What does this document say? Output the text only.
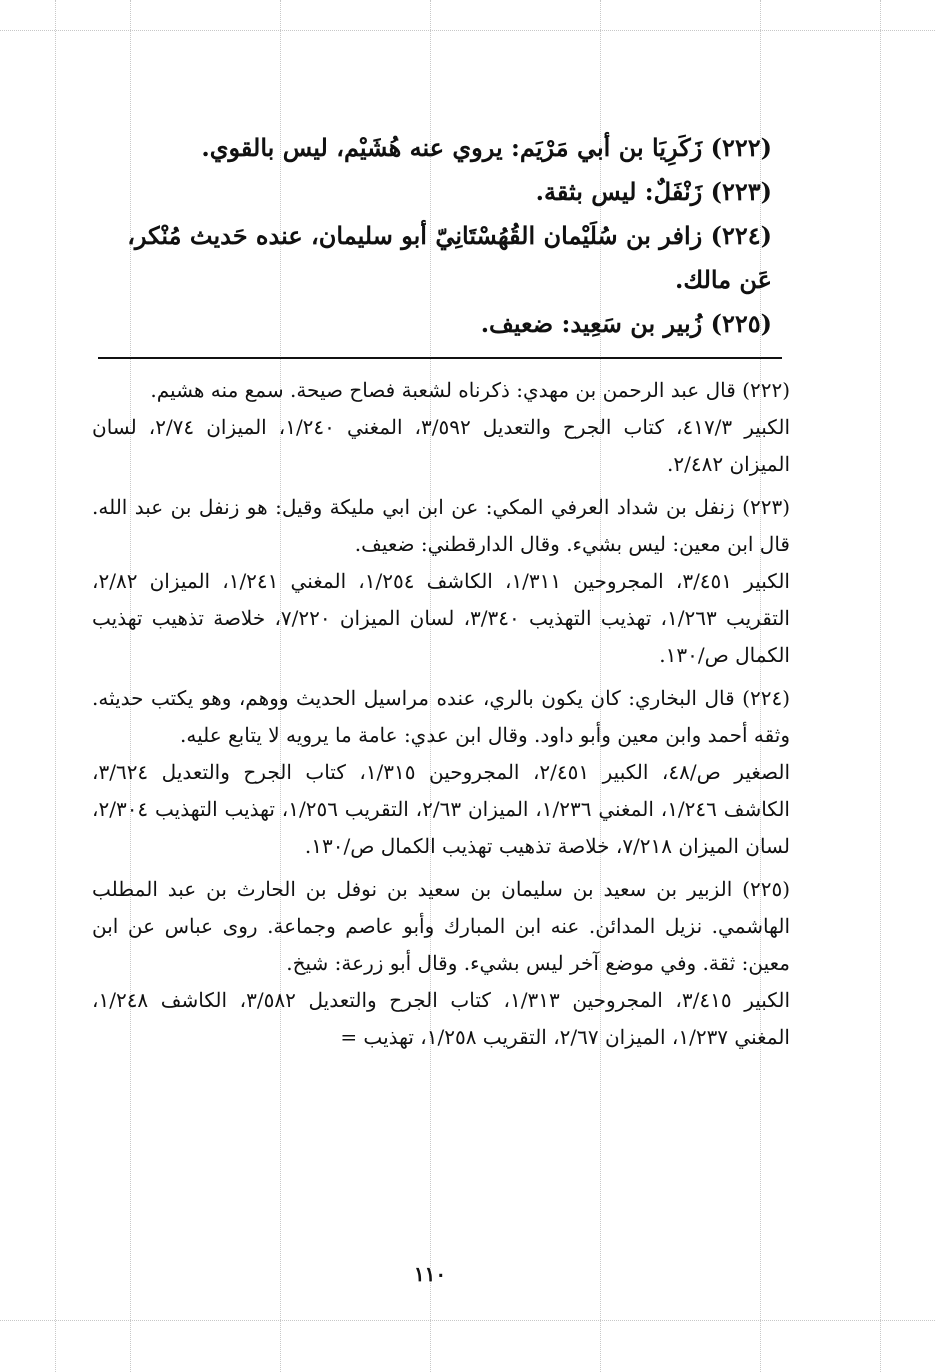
(٢٢٢) زَكَرِيَا بن أبي مَرْيَم: يروي عنه هُشَيْم، ليس بالقوي.

(٢٢٣) زَنْفَلٌ: ليس بثقة.

(٢٢٤) زافر بن سُلَيْمان القُهُسْتَانِيّ أبو سليمان، عنده حَديث مُنْكر، عَن مالك.

(٢٢٥) زُبير بن سَعِيد: ضعيف.

(٢٢٢) قال عبد الرحمن بن مهدي: ذكرناه لشعبة فصاح صيحة. سمع منه هشيم.

الكبير ٤١٧/٣، كتاب الجرح والتعديل ٣/٥٩٢، المغني ١/٢٤٠، الميزان ٢/٧٤، لسان الميزان ٢/٤٨٢.

(٢٢٣) زنفل بن شداد العرفي المكي: عن ابن ابي مليكة وقيل: هو زنفل بن عبد الله. قال ابن معين: ليس بشيء. وقال الدارقطني: ضعيف.

الكبير ٣/٤٥١، المجروحين ١/٣١١، الكاشف ١/٢٥٤، المغني ١/٢٤١، الميزان ٢/٨٢، التقريب ١/٢٦٣، تهذيب التهذيب ٣/٣٤٠، لسان الميزان ٧/٢٢٠، خلاصة تذهيب تهذيب الكمال ص/١٣٠.

(٢٢٤) قال البخاري: كان يكون بالري، عنده مراسيل الحديث ووهم، وهو يكتب حديثه. وثقه أحمد وابن معين وأبو داود. وقال ابن عدي: عامة ما يرويه لا يتابع عليه.

الصغير ص/٤٨، الكبير ٢/٤٥١، المجروحين ١/٣١٥، كتاب الجرح والتعديل ٣/٦٢٤، الكاشف ١/٢٤٦، المغني ١/٢٣٦، الميزان ٢/٦٣، التقريب ١/٢٥٦، تهذيب التهذيب ٢/٣٠٤، لسان الميزان ٧/٢١٨، خلاصة تذهيب تهذيب الكمال ص/١٣٠.

(٢٢٥) الزبير بن سعيد بن سليمان بن سعيد بن نوفل بن الحارث بن عبد المطلب الهاشمي. نزيل المدائن. عنه ابن المبارك وأبو عاصم وجماعة. روى عباس عن ابن معين: ثقة. وفي موضع آخر ليس بشيء. وقال أبو زرعة: شيخ.

الكبير ٣/٤١٥، المجروحين ١/٣١٣، كتاب الجرح والتعديل ٣/٥٨٢، الكاشف ١/٢٤٨، المغني ١/٢٣٧، الميزان ٢/٦٧، التقريب ١/٢٥٨، تهذيب =

١١٠
